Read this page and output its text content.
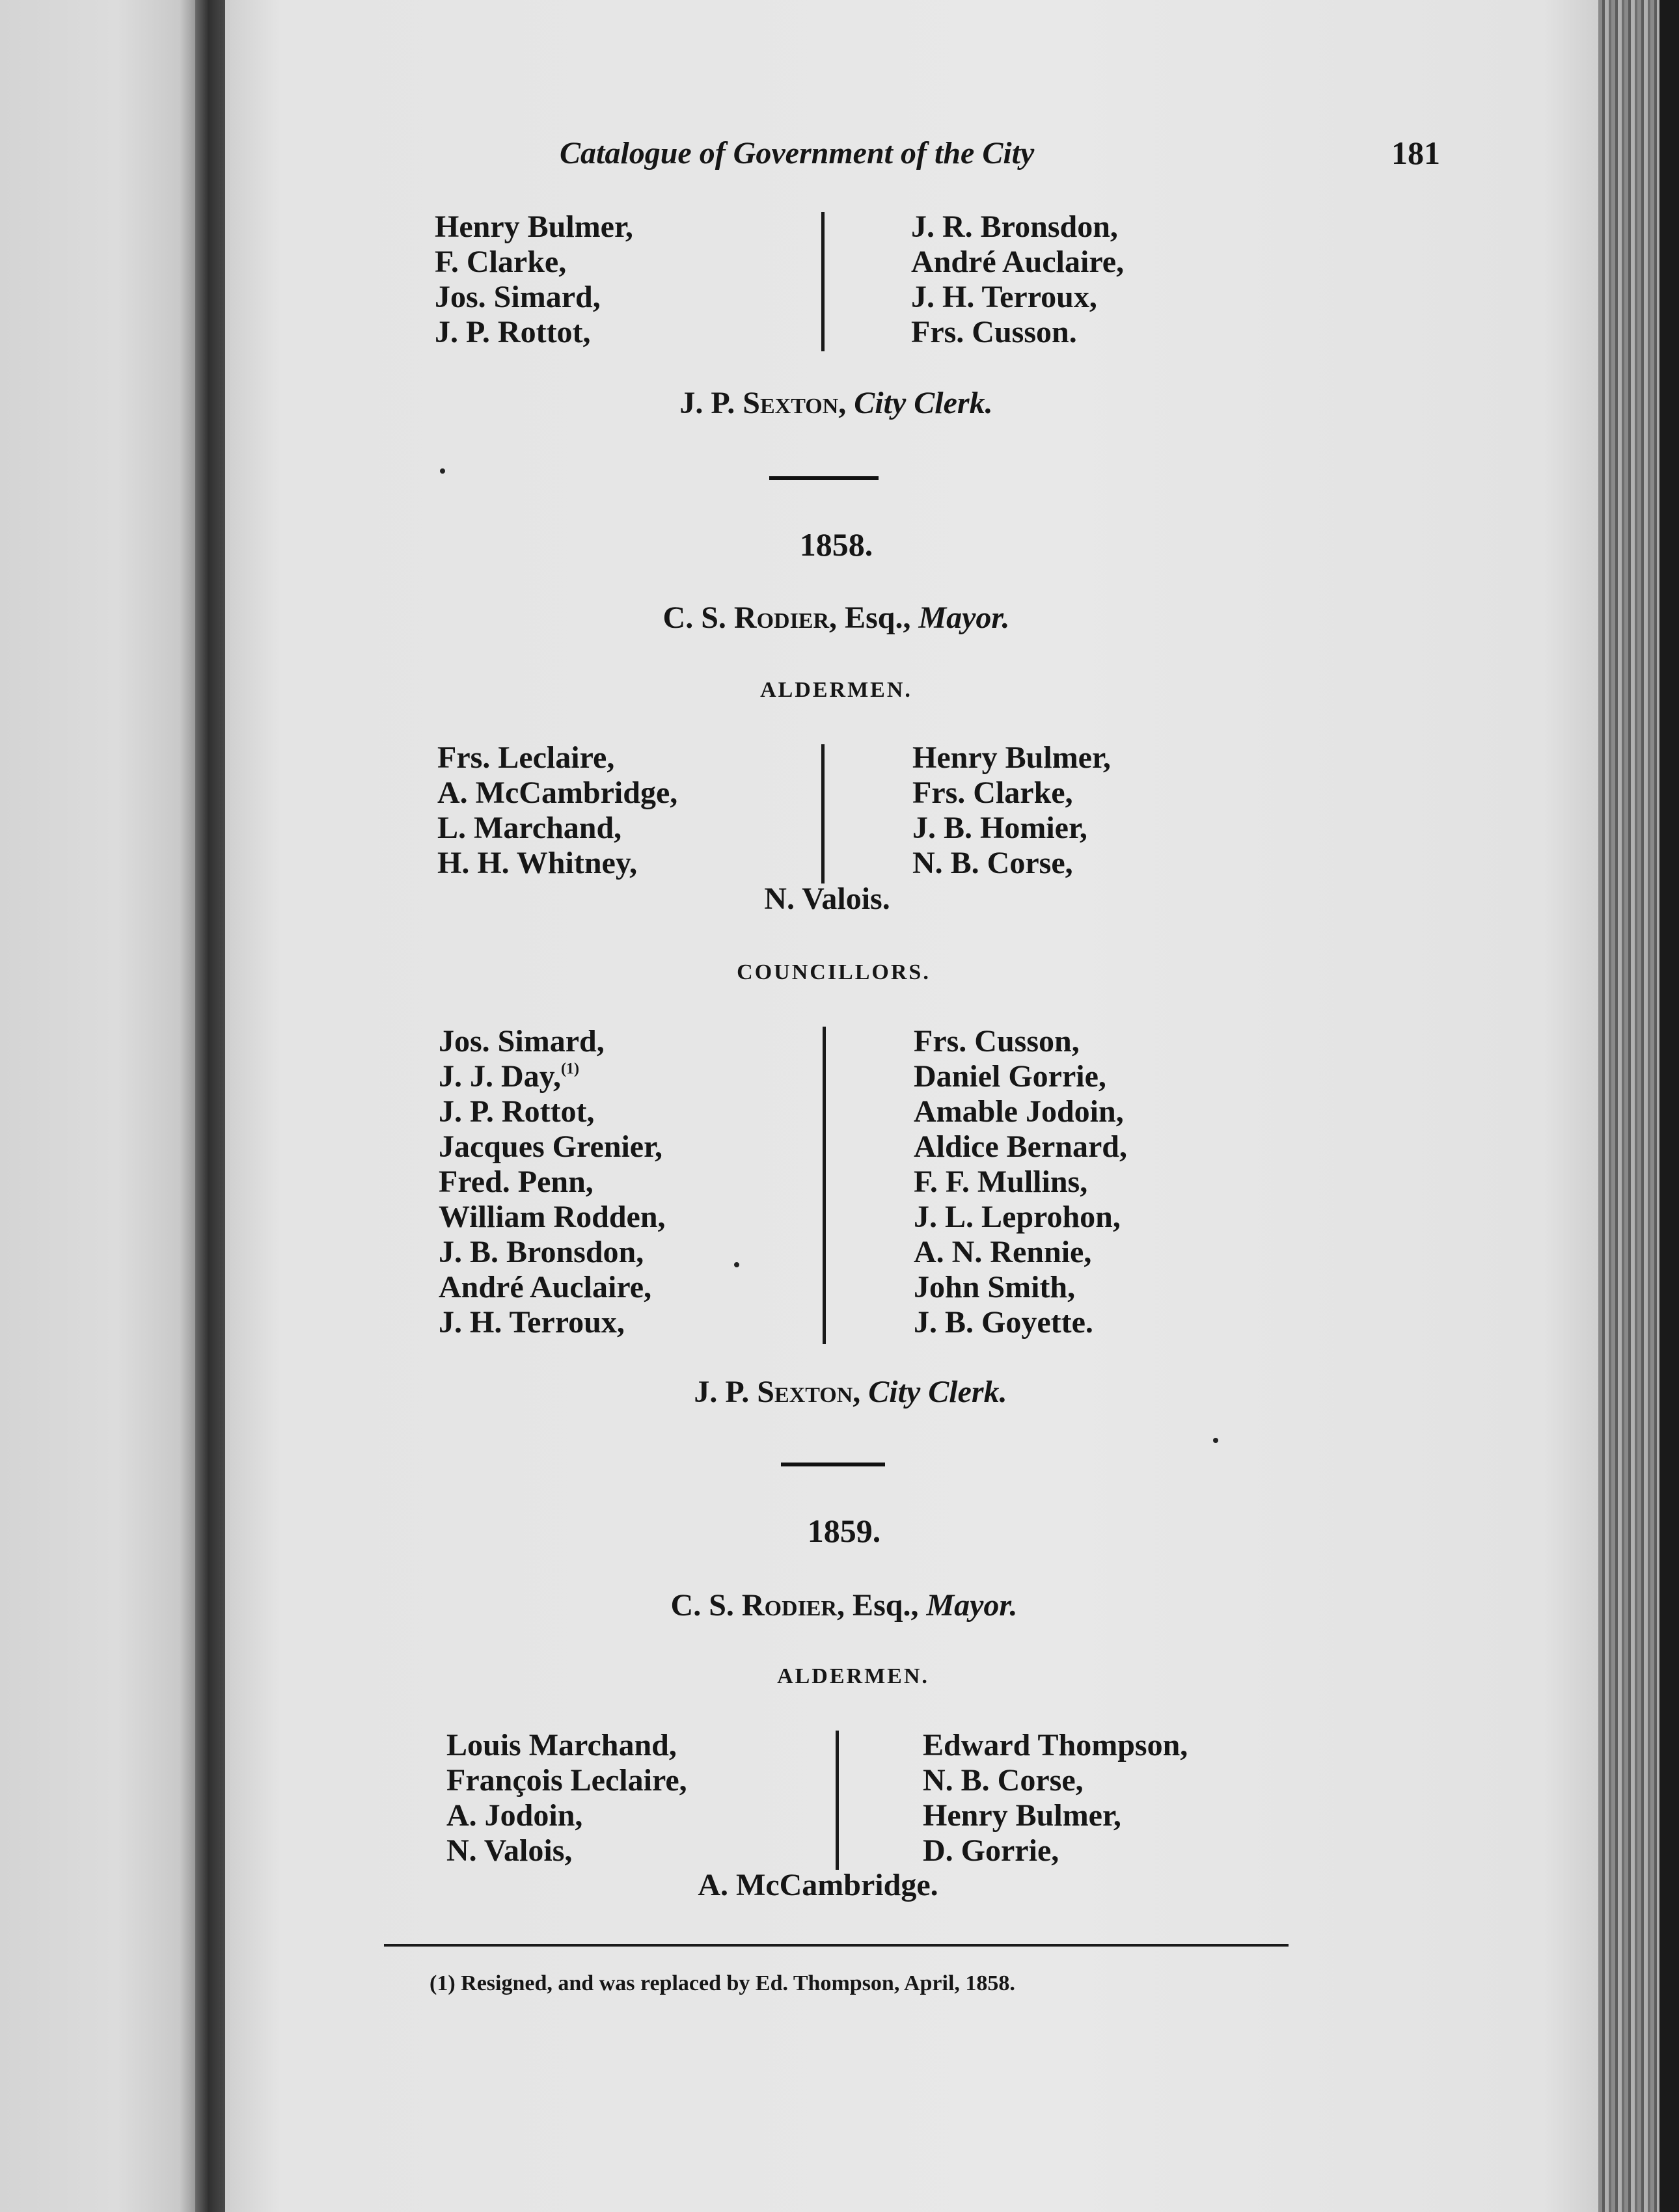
Catalogue of Government of the City	181
Henry Bulmer,
F. Clarke,
Jos. Simard,
J. P. Rottot,
J. R. Bronsdon,
André Auclaire,
J. H. Terroux,
Frs. Cusson.
J. P. Sexton, City Clerk.
1858.
C. S. Rodier, Esq., Mayor.
ALDERMEN.
Frs. Leclaire,
A. McCambridge,
L. Marchand,
H. H. Whitney,
Henry Bulmer,
Frs. Clarke,
J. B. Homier,
N. B. Corse,
N. Valois.
COUNCILLORS.
Jos. Simard,
J. J. Day,$^{(1)}$
J. P. Rottot,
Jacques Grenier,
Fred. Penn,
William Rodden,
J. B. Bronsdon,
André Auclaire,
J. H. Terroux,
Frs. Cusson,
Daniel Gorrie,
Amable Jodoin,
Aldice Bernard,
F. F. Mullins,
J. L. Leprohon,
A. N. Rennie,
John Smith,
J. B. Goyette.
J. P. Sexton, City Clerk.
1859.
C. S. Rodier, Esq., Mayor.
ALDERMEN.
Louis Marchand,
François Leclaire,
A. Jodoin,
N. Valois,
Edward Thompson,
N. B. Corse,
Henry Bulmer,
D. Gorrie,
A. McCambridge.
(1) Resigned, and was replaced by Ed. Thompson, April, 1858.
